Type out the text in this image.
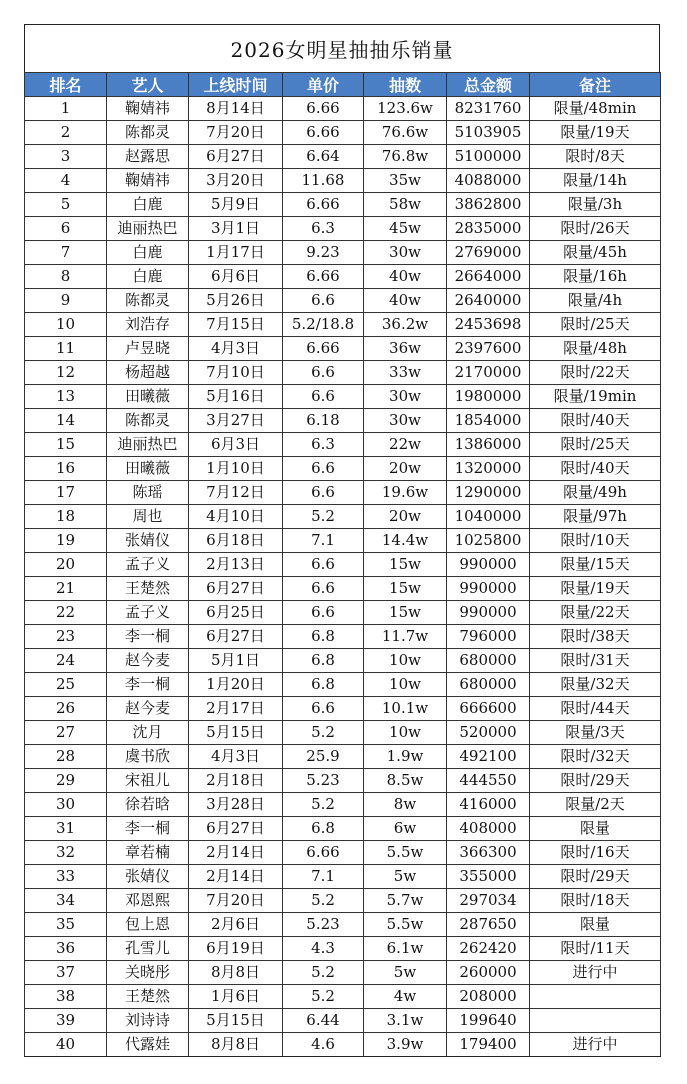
2026女明星抽抽乐销量
排名	艺人	上线时间	单价	抽数	总金额	备注
1	鞠婧祎	8月14日	6.66	123.6w	8231760	限量/48min
2	陈都灵	7月20日	6.66	76.6w	5103905	限量/19天
3	赵露思	6月27日	6.64	76.8w	5100000	限时/8天
4	鞠婧祎	3月20日	11.68	35w	4088000	限量/14h
5	白鹿	5月9日	6.66	58w	3862800	限量/3h
6	迪丽热巴	3月1日	6.3	45w	2835000	限时/26天
7	白鹿	1月17日	9.23	30w	2769000	限量/45h
8	白鹿	6月6日	6.66	40w	2664000	限量/16h
9	陈都灵	5月26日	6.6	40w	2640000	限量/4h
10	刘浩存	7月15日	5.2/18.8	36.2w	2453698	限时/25天
11	卢昱晓	4月3日	6.66	36w	2397600	限量/48h
12	杨超越	7月10日	6.6	33w	2170000	限时/22天
13	田曦薇	5月16日	6.6	30w	1980000	限量/19min
14	陈都灵	3月27日	6.18	30w	1854000	限时/40天
15	迪丽热巴	6月3日	6.3	22w	1386000	限时/25天
16	田曦薇	1月10日	6.6	20w	1320000	限时/40天
17	陈瑶	7月12日	6.6	19.6w	1290000	限量/49h
18	周也	4月10日	5.2	20w	1040000	限量/97h
19	张婧仪	6月18日	7.1	14.4w	1025800	限时/10天
20	孟子义	2月13日	6.6	15w	990000	限量/15天
21	王楚然	6月27日	6.6	15w	990000	限量/19天
22	孟子义	6月25日	6.6	15w	990000	限量/22天
23	李一桐	6月27日	6.8	11.7w	796000	限时/38天
24	赵今麦	5月1日	6.8	10w	680000	限时/31天
25	李一桐	1月20日	6.8	10w	680000	限量/32天
26	赵今麦	2月17日	6.6	10.1w	666600	限时/44天
27	沈月	5月15日	5.2	10w	520000	限量/3天
28	虞书欣	4月3日	25.9	1.9w	492100	限时/32天
29	宋祖儿	2月18日	5.23	8.5w	444550	限时/29天
30	徐若晗	3月28日	5.2	8w	416000	限量/2天
31	李一桐	6月27日	6.8	6w	408000	限量
32	章若楠	2月14日	6.66	5.5w	366300	限时/16天
33	张婧仪	2月14日	7.1	5w	355000	限时/29天
34	邓恩熙	7月20日	5.2	5.7w	297034	限时/18天
35	包上恩	2月6日	5.23	5.5w	287650	限量
36	孔雪儿	6月19日	4.3	6.1w	262420	限时/11天
37	关晓彤	8月8日	5.2	5w	260000	进行中
38	王楚然	1月6日	5.2	4w	208000	
39	刘诗诗	5月15日	6.44	3.1w	199640	
40	代露娃	8月8日	4.6	3.9w	179400	进行中
